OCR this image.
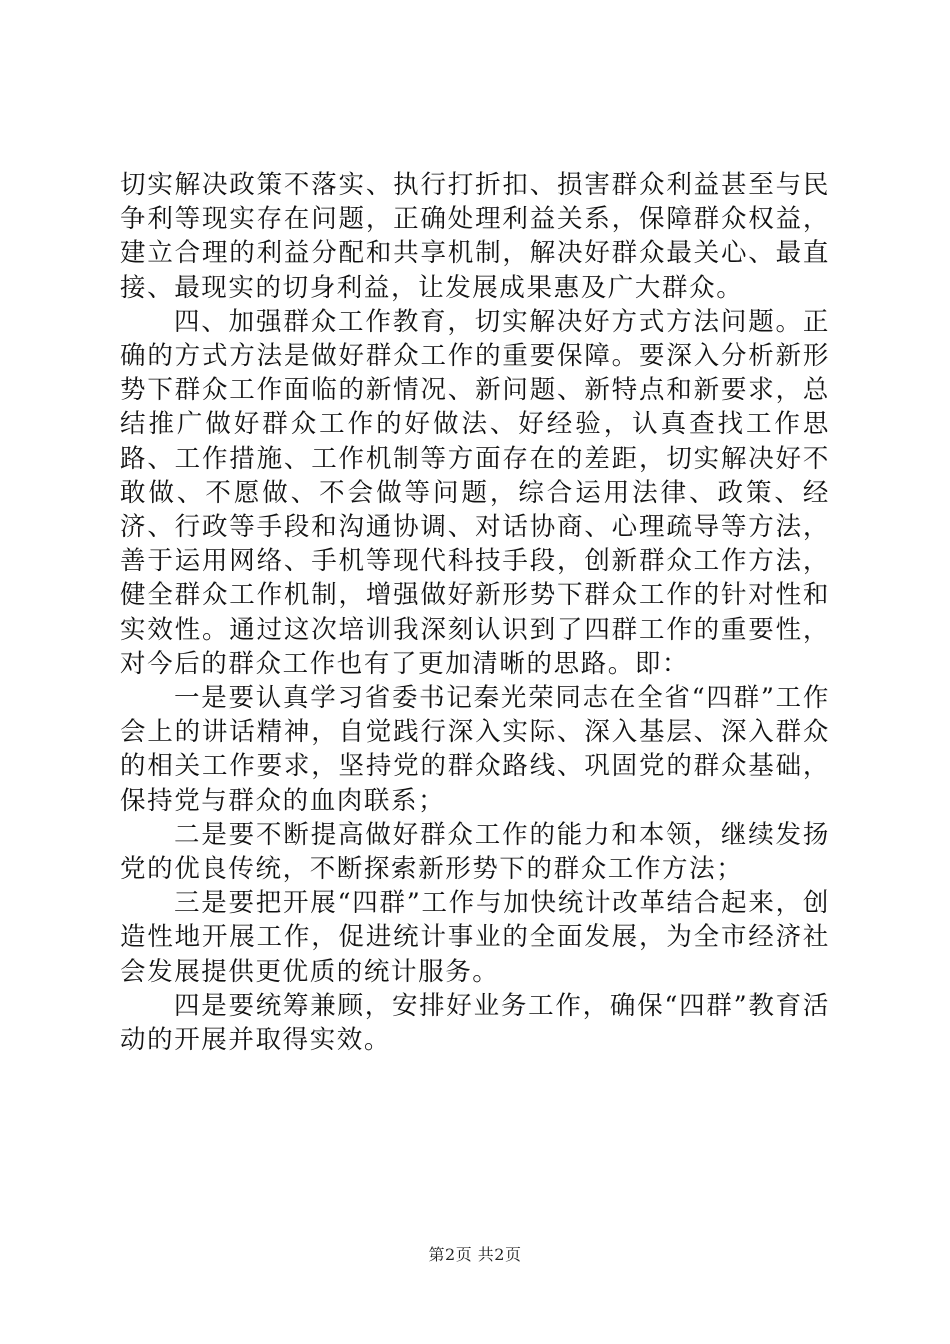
切实解决政策不落实、执行打折扣、损害群众利益甚至与民争利等现实存在问题，正确处理利益关系，保障群众权益，建立合理的利益分配和共享机制，解决好群众最关心、最直接、最现实的切身利益，让发展成果惠及广大群众。

四、加强群众工作教育，切实解决好方式方法问题。正确的方式方法是做好群众工作的重要保障。要深入分析新形势下群众工作面临的新情况、新问题、新特点和新要求，总结推广做好群众工作的好做法、好经验，认真查找工作思路、工作措施、工作机制等方面存在的差距，切实解决好不敢做、不愿做、不会做等问题，综合运用法律、政策、经济、行政等手段和沟通协调、对话协商、心理疏导等方法，善于运用网络、手机等现代科技手段，创新群众工作方法，健全群众工作机制，增强做好新形势下群众工作的针对性和实效性。通过这次培训我深刻认识到了四群工作的重要性，对今后的群众工作也有了更加清晰的思路。即：

一是要认真学习省委书记秦光荣同志在全省“四群”工作会上的讲话精神，自觉践行深入实际、深入基层、深入群众的相关工作要求，坚持党的群众路线、巩固党的群众基础，保持党与群众的血肉联系；

二是要不断提高做好群众工作的能力和本领，继续发扬党的优良传统，不断探索新形势下的群众工作方法；

三是要把开展“四群”工作与加快统计改革结合起来，创造性地开展工作，促进统计事业的全面发展，为全市经济社会发展提供更优质的统计服务。

四是要统筹兼顾，安排好业务工作，确保“四群”教育活动的开展并取得实效。

第2页 共2页
